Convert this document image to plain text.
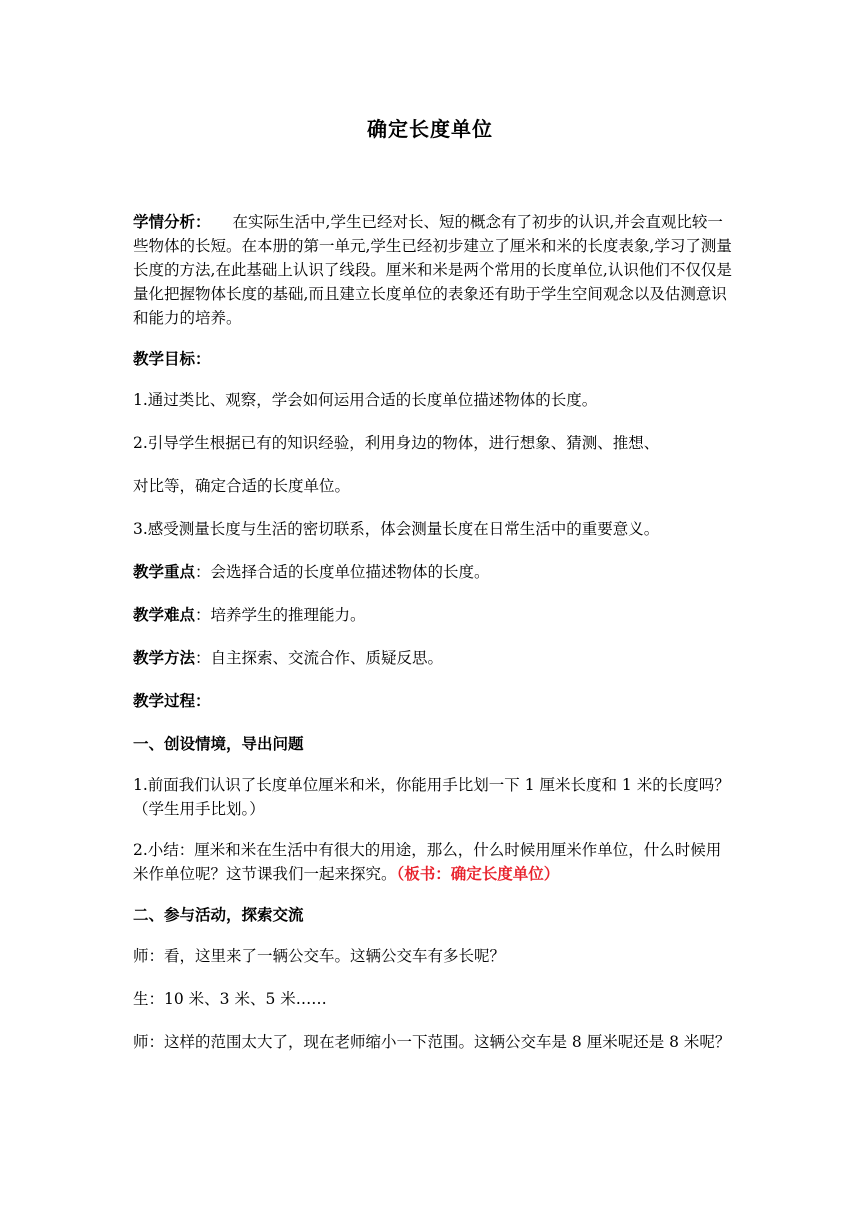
确定长度单位
学情分析： 在实际生活中,学生已经对长、短的概念有了初步的认识,并会直观比较一些物体的长短。在本册的第一单元,学生已经初步建立了厘米和米的长度表象,学习了测量长度的方法,在此基础上认识了线段。厘米和米是两个常用的长度单位,认识他们不仅仅是量化把握物体长度的基础,而且建立长度单位的表象还有助于学生空间观念以及估测意识和能力的培养。
教学目标：
1.通过类比、观察，学会如何运用合适的长度单位描述物体的长度。
2.引导学生根据已有的知识经验，利用身边的物体，进行想象、猜测、推想、
对比等，确定合适的长度单位。
3.感受测量长度与生活的密切联系，体会测量长度在日常生活中的重要意义。
教学重点：会选择合适的长度单位描述物体的长度。
教学难点：培养学生的推理能力。
教学方法：自主探索、交流合作、质疑反思。
教学过程：
一、创设情境，导出问题
1.前面我们认识了长度单位厘米和米，你能用手比划一下 1 厘米长度和 1 米的长度吗？（学生用手比划。）
2.小结：厘米和米在生活中有很大的用途，那么，什么时候用厘米作单位，什么时候用米作单位呢？这节课我们一起来探究。（板书：确定长度单位）
二、参与活动，探索交流
师：看，这里来了一辆公交车。这辆公交车有多长呢？
生：10 米、3 米、5 米……
师：这样的范围太大了，现在老师缩小一下范围。这辆公交车是 8 厘米呢还是 8 米呢？
